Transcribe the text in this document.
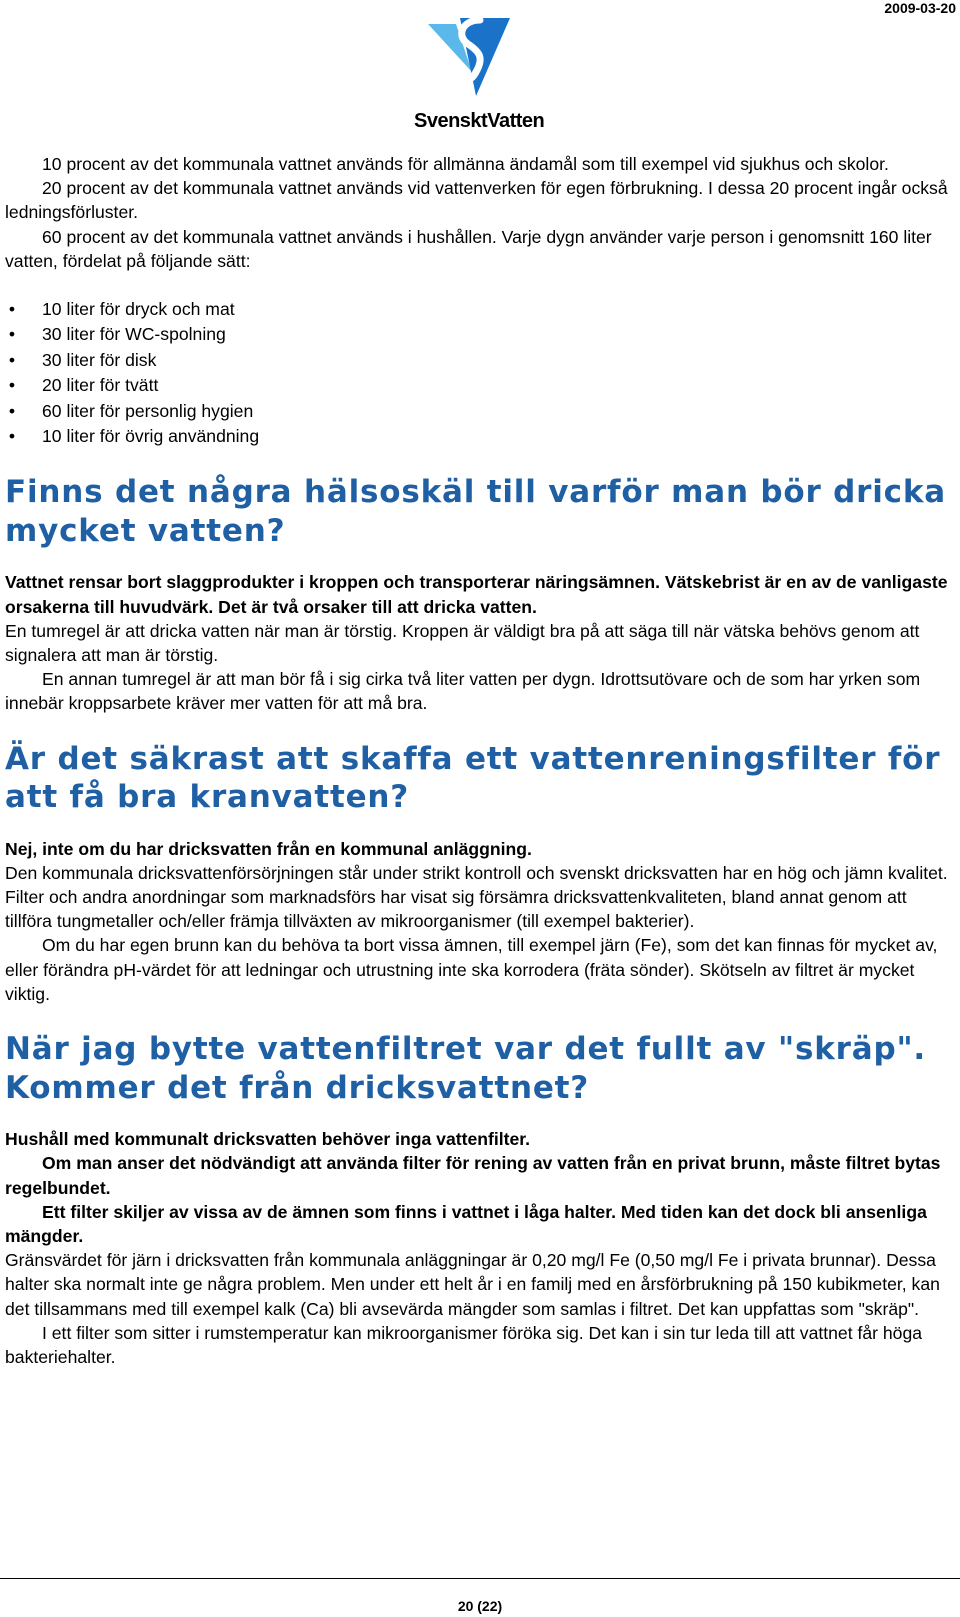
2009-03-20
SvensktVatten

10 procent av det kommunala vattnet används för allmänna ändamål som till exempel vid sjukhus och skolor.

20 procent av det kommunala vattnet används vid vattenverken för egen förbrukning. I dessa 20 procent ingår också ledningsförluster.

60 procent av det kommunala vattnet används i hushållen. Varje dygn använder varje person i genomsnitt 160 liter vatten, fördelat på följande sätt:

• 10 liter för dryck och mat
• 30 liter för WC-spolning
• 30 liter för disk
• 20 liter för tvätt
• 60 liter för personlig hygien
• 10 liter för övrig användning
Finns det några hälsoskäl till varför man bör dricka mycket vatten?

Vattnet rensar bort slaggprodukter i kroppen och transporterar näringsämnen. Vätskebrist är en av de vanligaste orsakerna till huvudvärk. Det är två orsaker till att dricka vatten.

En tumregel är att dricka vatten när man är törstig. Kroppen är väldigt bra på att säga till när vätska behövs genom att signalera att man är törstig.

En annan tumregel är att man bör få i sig cirka två liter vatten per dygn. Idrottsutövare och de som har yrken som innebär kroppsarbete kräver mer vatten för att må bra.

Är det säkrast att skaffa ett vattenreningsfilter för att få bra kranvatten?

Nej, inte om du har dricksvatten från en kommunal anläggning.

Den kommunala dricksvattenförsörjningen står under strikt kontroll och svenskt dricksvatten har en hög och jämn kvalitet. Filter och andra anordningar som marknadsförs har visat sig försämra dricksvattenkvaliteten, bland annat genom att tillföra tungmetaller och/eller främja tillväxten av mikroorganismer (till exempel bakterier).

Om du har egen brunn kan du behöva ta bort vissa ämnen, till exempel järn (Fe), som det kan finnas för mycket av, eller förändra pH-värdet för att ledningar och utrustning inte ska korrodera (fräta sönder). Skötseln av filtret är mycket viktig.

När jag bytte vattenfiltret var det fullt av "skräp". Kommer det från dricksvattnet?

Hushåll med kommunalt dricksvatten behöver inga vattenfilter.

Om man anser det nödvändigt att använda filter för rening av vatten från en privat brunn, måste filtret bytas regelbundet.

Ett filter skiljer av vissa av de ämnen som finns i vattnet i låga halter. Med tiden kan det dock bli ansenliga mängder.

Gränsvärdet för järn i dricksvatten från kommunala anläggningar är 0,20 mg/l Fe (0,50 mg/l Fe i privata brunnar). Dessa halter ska normalt inte ge några problem. Men under ett helt år i en familj med en årsförbrukning på 150 kubikmeter, kan det tillsammans med till exempel kalk (Ca) bli avsevärda mängder som samlas i filtret. Det kan uppfattas som "skräp".

I ett filter som sitter i rumstemperatur kan mikroorganismer föröka sig. Det kan i sin tur leda till att vattnet får höga bakteriehalter.

20 (22)
